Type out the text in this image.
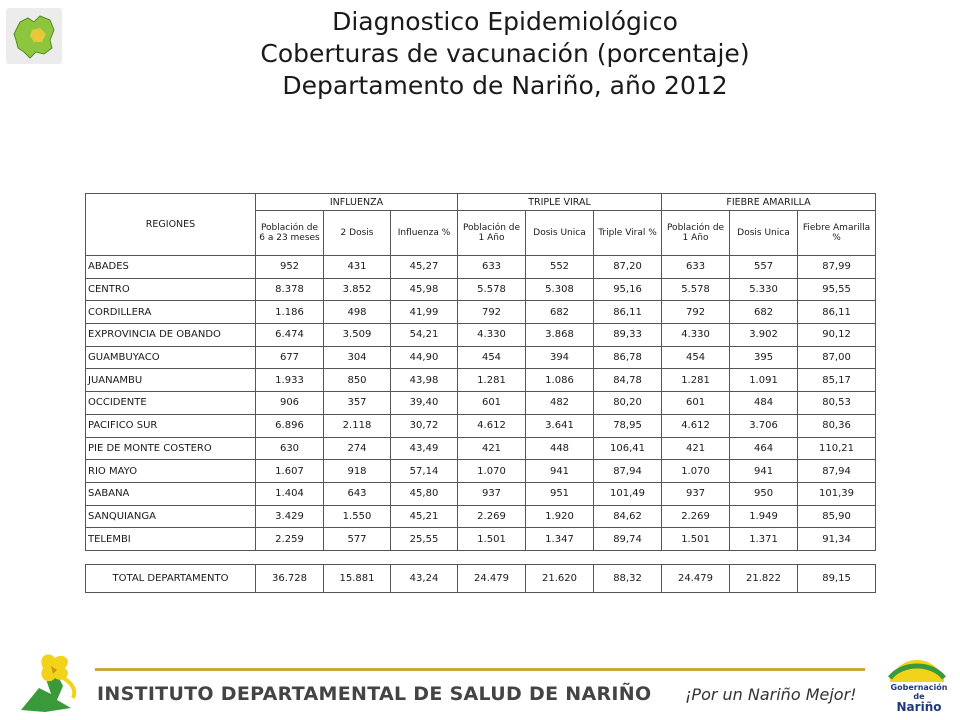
Diagnostico Epidemiológico
Coberturas de vacunación (porcentaje)
Departamento de Nariño, año 2012
REGIONES	INFLUENZA			TRIPLE VIRAL			FIEBRE AMARILLA		
	Población de 6 a 23 meses	2 Dosis	Influenza %	Población de 1 Año	Dosis Unica	Triple Viral %	Población de 1 Año	Dosis Unica	Fiebre Amarilla %
ABADES	952	431	45,27	633	552	87,20	633	557	87,99
CENTRO	8.378	3.852	45,98	5.578	5.308	95,16	5.578	5.330	95,55
CORDILLERA	1.186	498	41,99	792	682	86,11	792	682	86,11
EXPROVINCIA DE OBANDO	6.474	3.509	54,21	4.330	3.868	89,33	4.330	3.902	90,12
GUAMBUYACO	677	304	44,90	454	394	86,78	454	395	87,00
JUANAMBU	1.933	850	43,98	1.281	1.086	84,78	1.281	1.091	85,17
OCCIDENTE	906	357	39,40	601	482	80,20	601	484	80,53
PACIFICO SUR	6.896	2.118	30,72	4.612	3.641	78,95	4.612	3.706	80,36
PIE DE MONTE COSTERO	630	274	43,49	421	448	106,41	421	464	110,21
RIO MAYO	1.607	918	57,14	1.070	941	87,94	1.070	941	87,94
SABANA	1.404	643	45,80	937	951	101,49	937	950	101,39
SANQUIANGA	3.429	1.550	45,21	2.269	1.920	84,62	2.269	1.949	85,90
TELEMBI	2.259	577	25,55	1.501	1.347	89,74	1.501	1.371	91,34

TOTAL DEPARTAMENTO	36.728	15.881	43,24	24.479	21.620	88,32	24.479	21.822	89,15
INSTITUTO DEPARTAMENTAL DE SALUD DE NARIÑO ¡Por un Nariño Mejor!	Gobernación de
Nariño
